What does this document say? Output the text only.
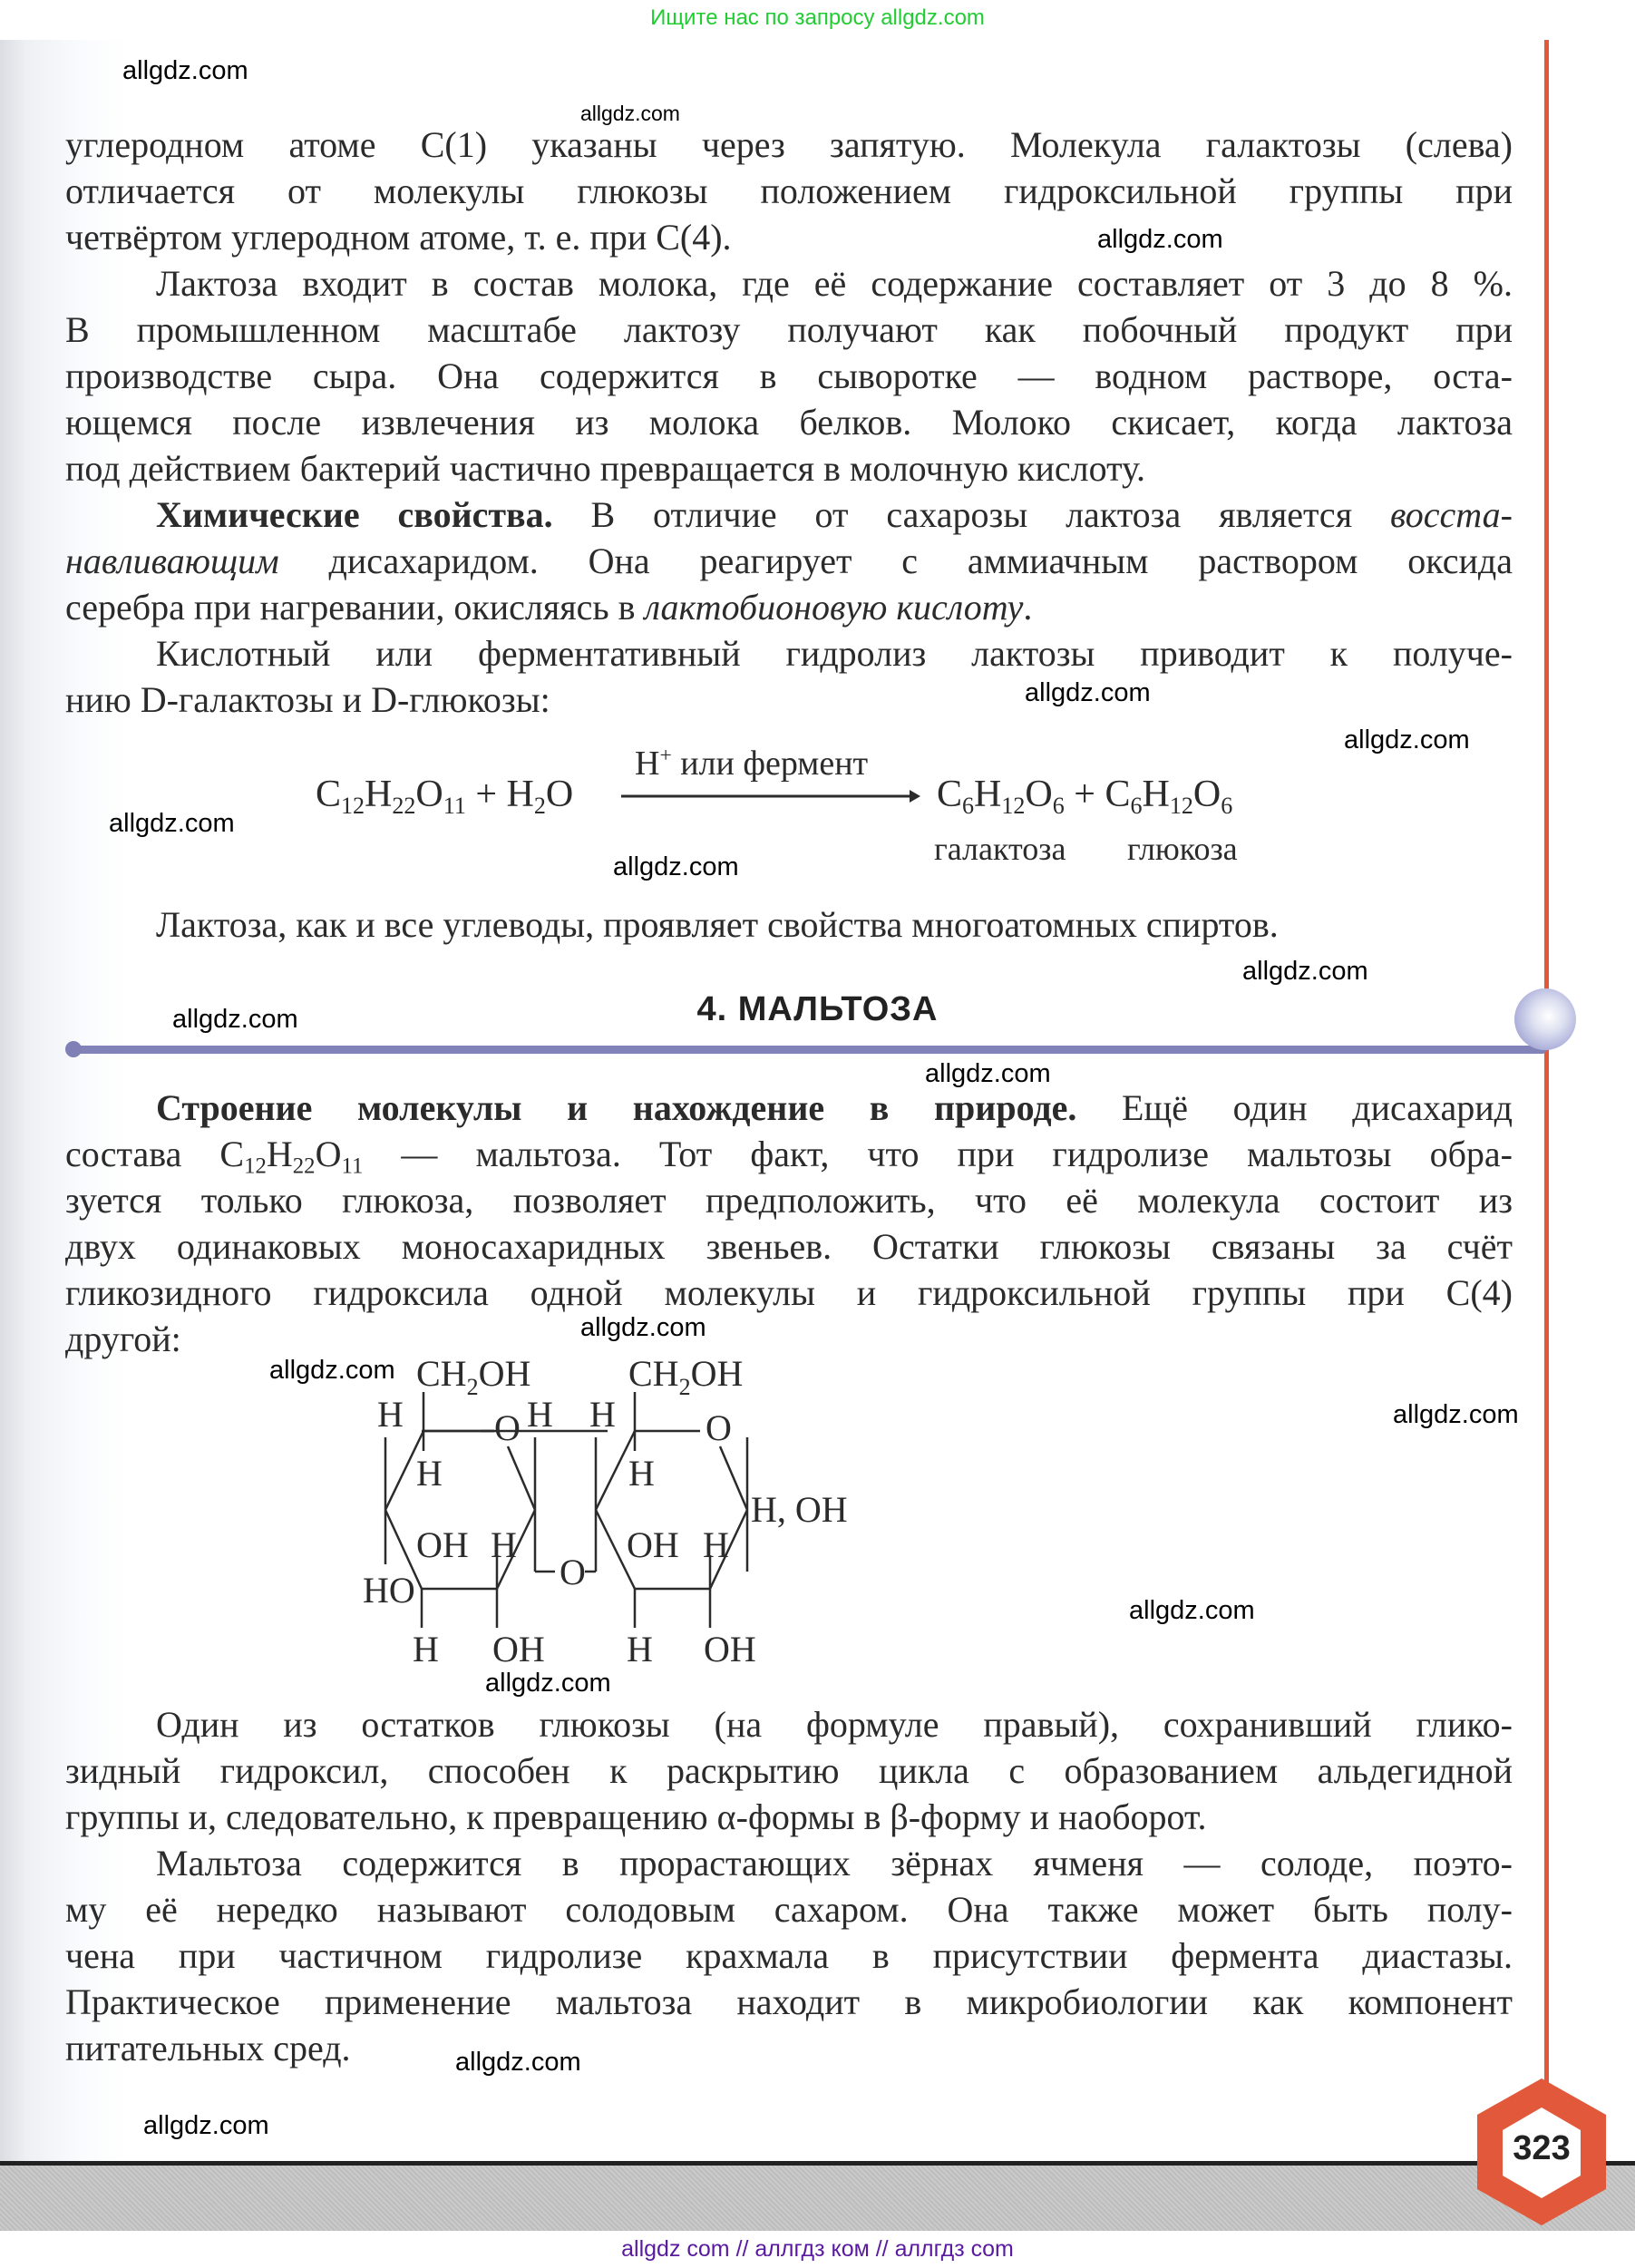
Ищите нас по запросу allgdz.com
углеродном атоме С(1) указаны через запятую. Молекула галактозы (слева)
отличается от молекулы глюкозы положением гидроксильной группы при
четвёртом углеродном атоме, т. е. при С(4).
Лактоза входит в состав молока, где её содержание составляет от 3 до 8 %.
В промышленном масштабе лактозу получают как побочный продукт при
производстве сыра. Она содержится в сыворотке — водном растворе, оста-
ющемся после извлечения из молока белков. Молоко скисает, когда лактоза
под действием бактерий частично превращается в молочную кислоту.
Химические свойства. В отличие от сахарозы лактоза является восста-
навливающим дисахаридом. Она реагирует с аммиачным раствором оксида
серебра при нагревании, окисляясь в лактобионовую кислоту.
Кислотный или ферментативный гидролиз лактозы приводит к получе-
нию D-галактозы и D-глюкозы:
$C_{12}H_{22}O_{11} + H_2O$
H+ или фермент
$C_6H_{12}O_6 + C_6H_{12}O_6$
галактоза глюкоза
Лактоза, как и все углеводы, проявляет свойства многоатомных спиртов.
4. МАЛЬТОЗА
Строение молекулы и нахождение в природе. Ещё один дисахарид
состава $C_{12}H_{22}O_{11}$ — мальтоза. Тот факт, что при гидролизе мальтозы обра-
зуется только глюкоза, позволяет предположить, что её молекула состоит из
двух одинаковых моносахаридных звеньев. Остатки глюкозы связаны за счёт
гликозидного гидроксила одной молекулы и гидроксильной группы при С(4)
другой:
$CH_2OH$
H	O H
H
OH H
HO
H OH
O
$CH_2OH$
H O
H
OH H
H, OH
H OH
Один из остатков глюкозы (на формуле правый), сохранивший глико-
зидный гидроксил, способен к раскрытию цикла с образованием альдегидной
группы и, следовательно, к превращению α-формы в β-форму и наоборот.
Мальтоза содержится в прорастающих зёрнах ячменя — солоде, поэто-
му её нередко называют солодовым сахаром. Она также может быть полу-
чена при частичном гидролизе крахмала в присутствии фермента диастазы.
Практическое применение мальтоза находит в микробиологии как компонент
питательных сред.
allgdz.com
allgdz.com
allgdz.com
allgdz.com
allgdz.com
allgdz.com
allgdz.com
allgdz.com
allgdz.com
allgdz.com
allgdz.com
allgdz.com
allgdz.com
allgdz.com
allgdz.com
allgdz.com
allgdz.com
323
allgdz com // аллгдз ком // аллгдз com
